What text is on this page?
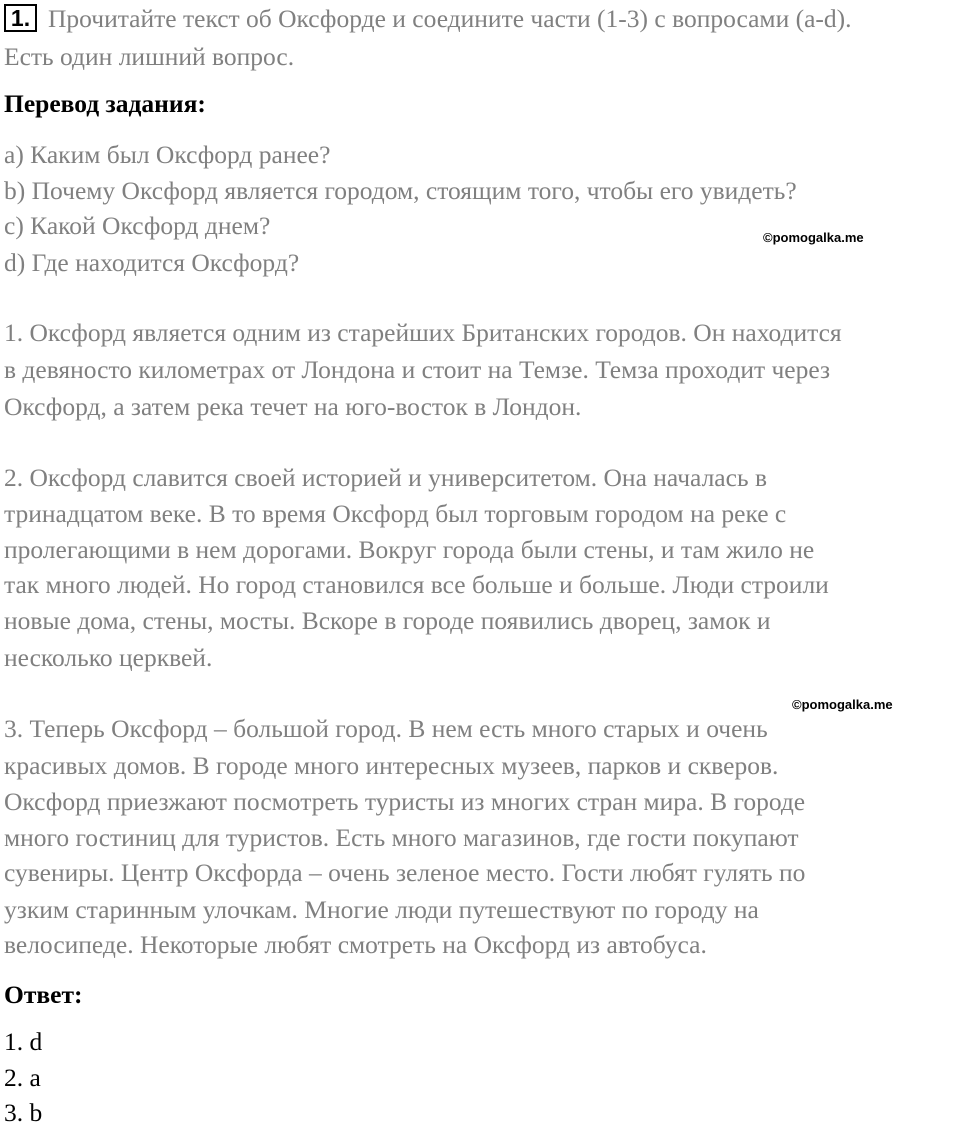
1. Прочитайте текст об Оксфорде и соедините части (1-3) с вопросами (a-d).
Есть один лишний вопрос.
Перевод задания:
a) Каким был Оксфорд ранее?
b) Почему Оксфорд является городом, стоящим того, чтобы его увидеть?
c) Какой Оксфорд днем?
d) Где находится Оксфорд?
©pomogalka.me
1. Оксфорд является одним из старейших Британских городов. Он находится
в девяносто километрах от Лондона и стоит на Темзе. Темза проходит через
Оксфорд, а затем река течет на юго-восток в Лондон.
2. Оксфорд славится своей историей и университетом. Она началась в
тринадцатом веке. В то время Оксфорд был торговым городом на реке с
пролегающими в нем дорогами. Вокруг города были стены, и там жило не
так много людей. Но город становился все больше и больше. Люди строили
новые дома, стены, мосты. Вскоре в городе появились дворец, замок и
несколько церквей.
©pomogalka.me
3. Теперь Оксфорд – большой город. В нем есть много старых и очень
красивых домов. В городе много интересных музеев, парков и скверов.
Оксфорд приезжают посмотреть туристы из многих стран мира. В городе
много гостиниц для туристов. Есть много магазинов, где гости покупают
сувениры. Центр Оксфорда – очень зеленое место. Гости любят гулять по
узким старинным улочкам. Многие люди путешествуют по городу на
велосипеде. Некоторые любят смотреть на Оксфорд из автобуса.
Ответ:
1. d
2. a
3. b
